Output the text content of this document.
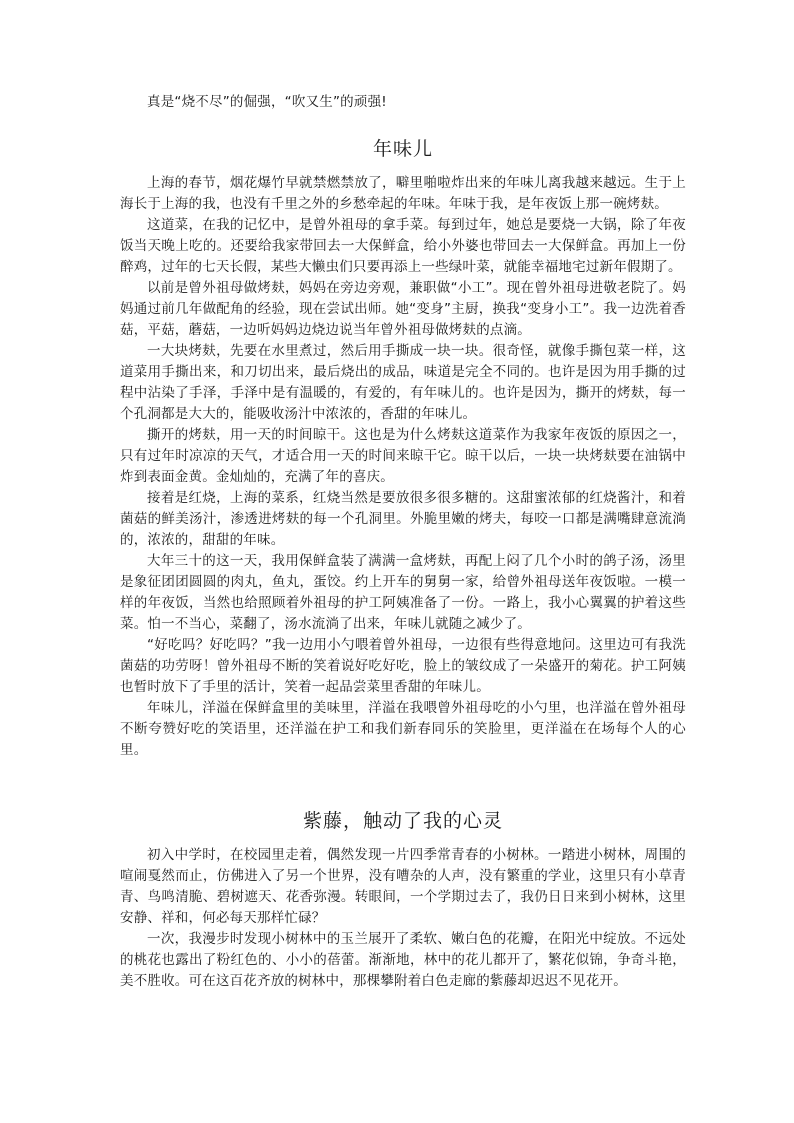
真是“烧不尽”的倔强，“吹又生”的顽强!

年味儿

上海的春节，烟花爆竹早就禁燃禁放了，噼里啪啦炸出来的年味儿离我越来越远。生于上海长于上海的我，也没有千里之外的乡愁牵起的年味。年味于我，是年夜饭上那一碗烤麸。

这道菜，在我的记忆中，是曾外祖母的拿手菜。每到过年，她总是要烧一大锅，除了年夜饭当天晚上吃的。还要给我家带回去一大保鲜盒，给小外婆也带回去一大保鲜盒。再加上一份醉鸡，过年的七天长假，某些大懒虫们只要再添上一些绿叶菜，就能幸福地宅过新年假期了。

以前是曾外祖母做烤麸，妈妈在旁边旁观，兼职做“小工”。现在曾外祖母进敬老院了。妈妈通过前几年做配角的经验，现在尝试出师。她“变身”主厨，换我“变身小工”。我一边洗着香菇，平菇，蘑菇，一边听妈妈边烧边说当年曾外祖母做烤麸的点滴。

一大块烤麸，先要在水里煮过，然后用手撕成一块一块。很奇怪，就像手撕包菜一样，这道菜用手撕出来，和刀切出来，最后烧出的成品，味道是完全不同的。也许是因为用手撕的过程中沾染了手泽，手泽中是有温暖的，有爱的，有年味儿的。也许是因为，撕开的烤麸，每一个孔洞都是大大的，能吸收汤汁中浓浓的，香甜的年味儿。

撕开的烤麸，用一天的时间晾干。这也是为什么烤麸这道菜作为我家年夜饭的原因之一，只有过年时凉凉的天气，才适合用一天的时间来晾干它。晾干以后，一块一块烤麸要在油锅中炸到表面金黄。金灿灿的，充满了年的喜庆。

接着是红烧，上海的菜系，红烧当然是要放很多很多糖的。这甜蜜浓郁的红烧酱汁，和着菌菇的鲜美汤汁，渗透进烤麸的每一个孔洞里。外脆里嫩的烤夫，每咬一口都是满嘴肆意流淌的，浓浓的，甜甜的年味。

大年三十的这一天，我用保鲜盒装了满满一盒烤麸，再配上闷了几个小时的鸽子汤，汤里是象征团团圆圆的肉丸，鱼丸，蛋饺。约上开车的舅舅一家，给曾外祖母送年夜饭啦。一模一样的年夜饭，当然也给照顾着外祖母的护工阿姨准备了一份。一路上，我小心翼翼的护着这些菜。怕一不当心，菜翻了，汤水流淌了出来，年味儿就随之减少了。

“好吃吗？好吃吗？”我一边用小勺喂着曾外祖母，一边很有些得意地问。这里边可有我洗菌菇的功劳呀！曾外祖母不断的笑着说好吃好吃，脸上的皱纹成了一朵盛开的菊花。护工阿姨也暂时放下了手里的活计，笑着一起品尝菜里香甜的年味儿。

年味儿，洋溢在保鲜盒里的美味里，洋溢在我喂曾外祖母吃的小勺里，也洋溢在曾外祖母不断夸赞好吃的笑语里，还洋溢在护工和我们新春同乐的笑脸里，更洋溢在在场每个人的心里。

紫藤，触动了我的心灵

初入中学时，在校园里走着，偶然发现一片四季常青春的小树林。一踏进小树林，周围的喧闹戛然而止，仿佛进入了另一个世界，没有嘈杂的人声，没有繁重的学业，这里只有小草青青、鸟鸣清脆、碧树遮天、花香弥漫。转眼间，一个学期过去了，我仍日日来到小树林，这里安静、祥和，何必每天那样忙碌？

一次，我漫步时发现小树林中的玉兰展开了柔软、嫩白色的花瓣，在阳光中绽放。不远处的桃花也露出了粉红色的、小小的蓓蕾。渐渐地，林中的花儿都开了，繁花似锦，争奇斗艳，美不胜收。可在这百花齐放的树林中，那棵攀附着白色走廊的紫藤却迟迟不见花开。
